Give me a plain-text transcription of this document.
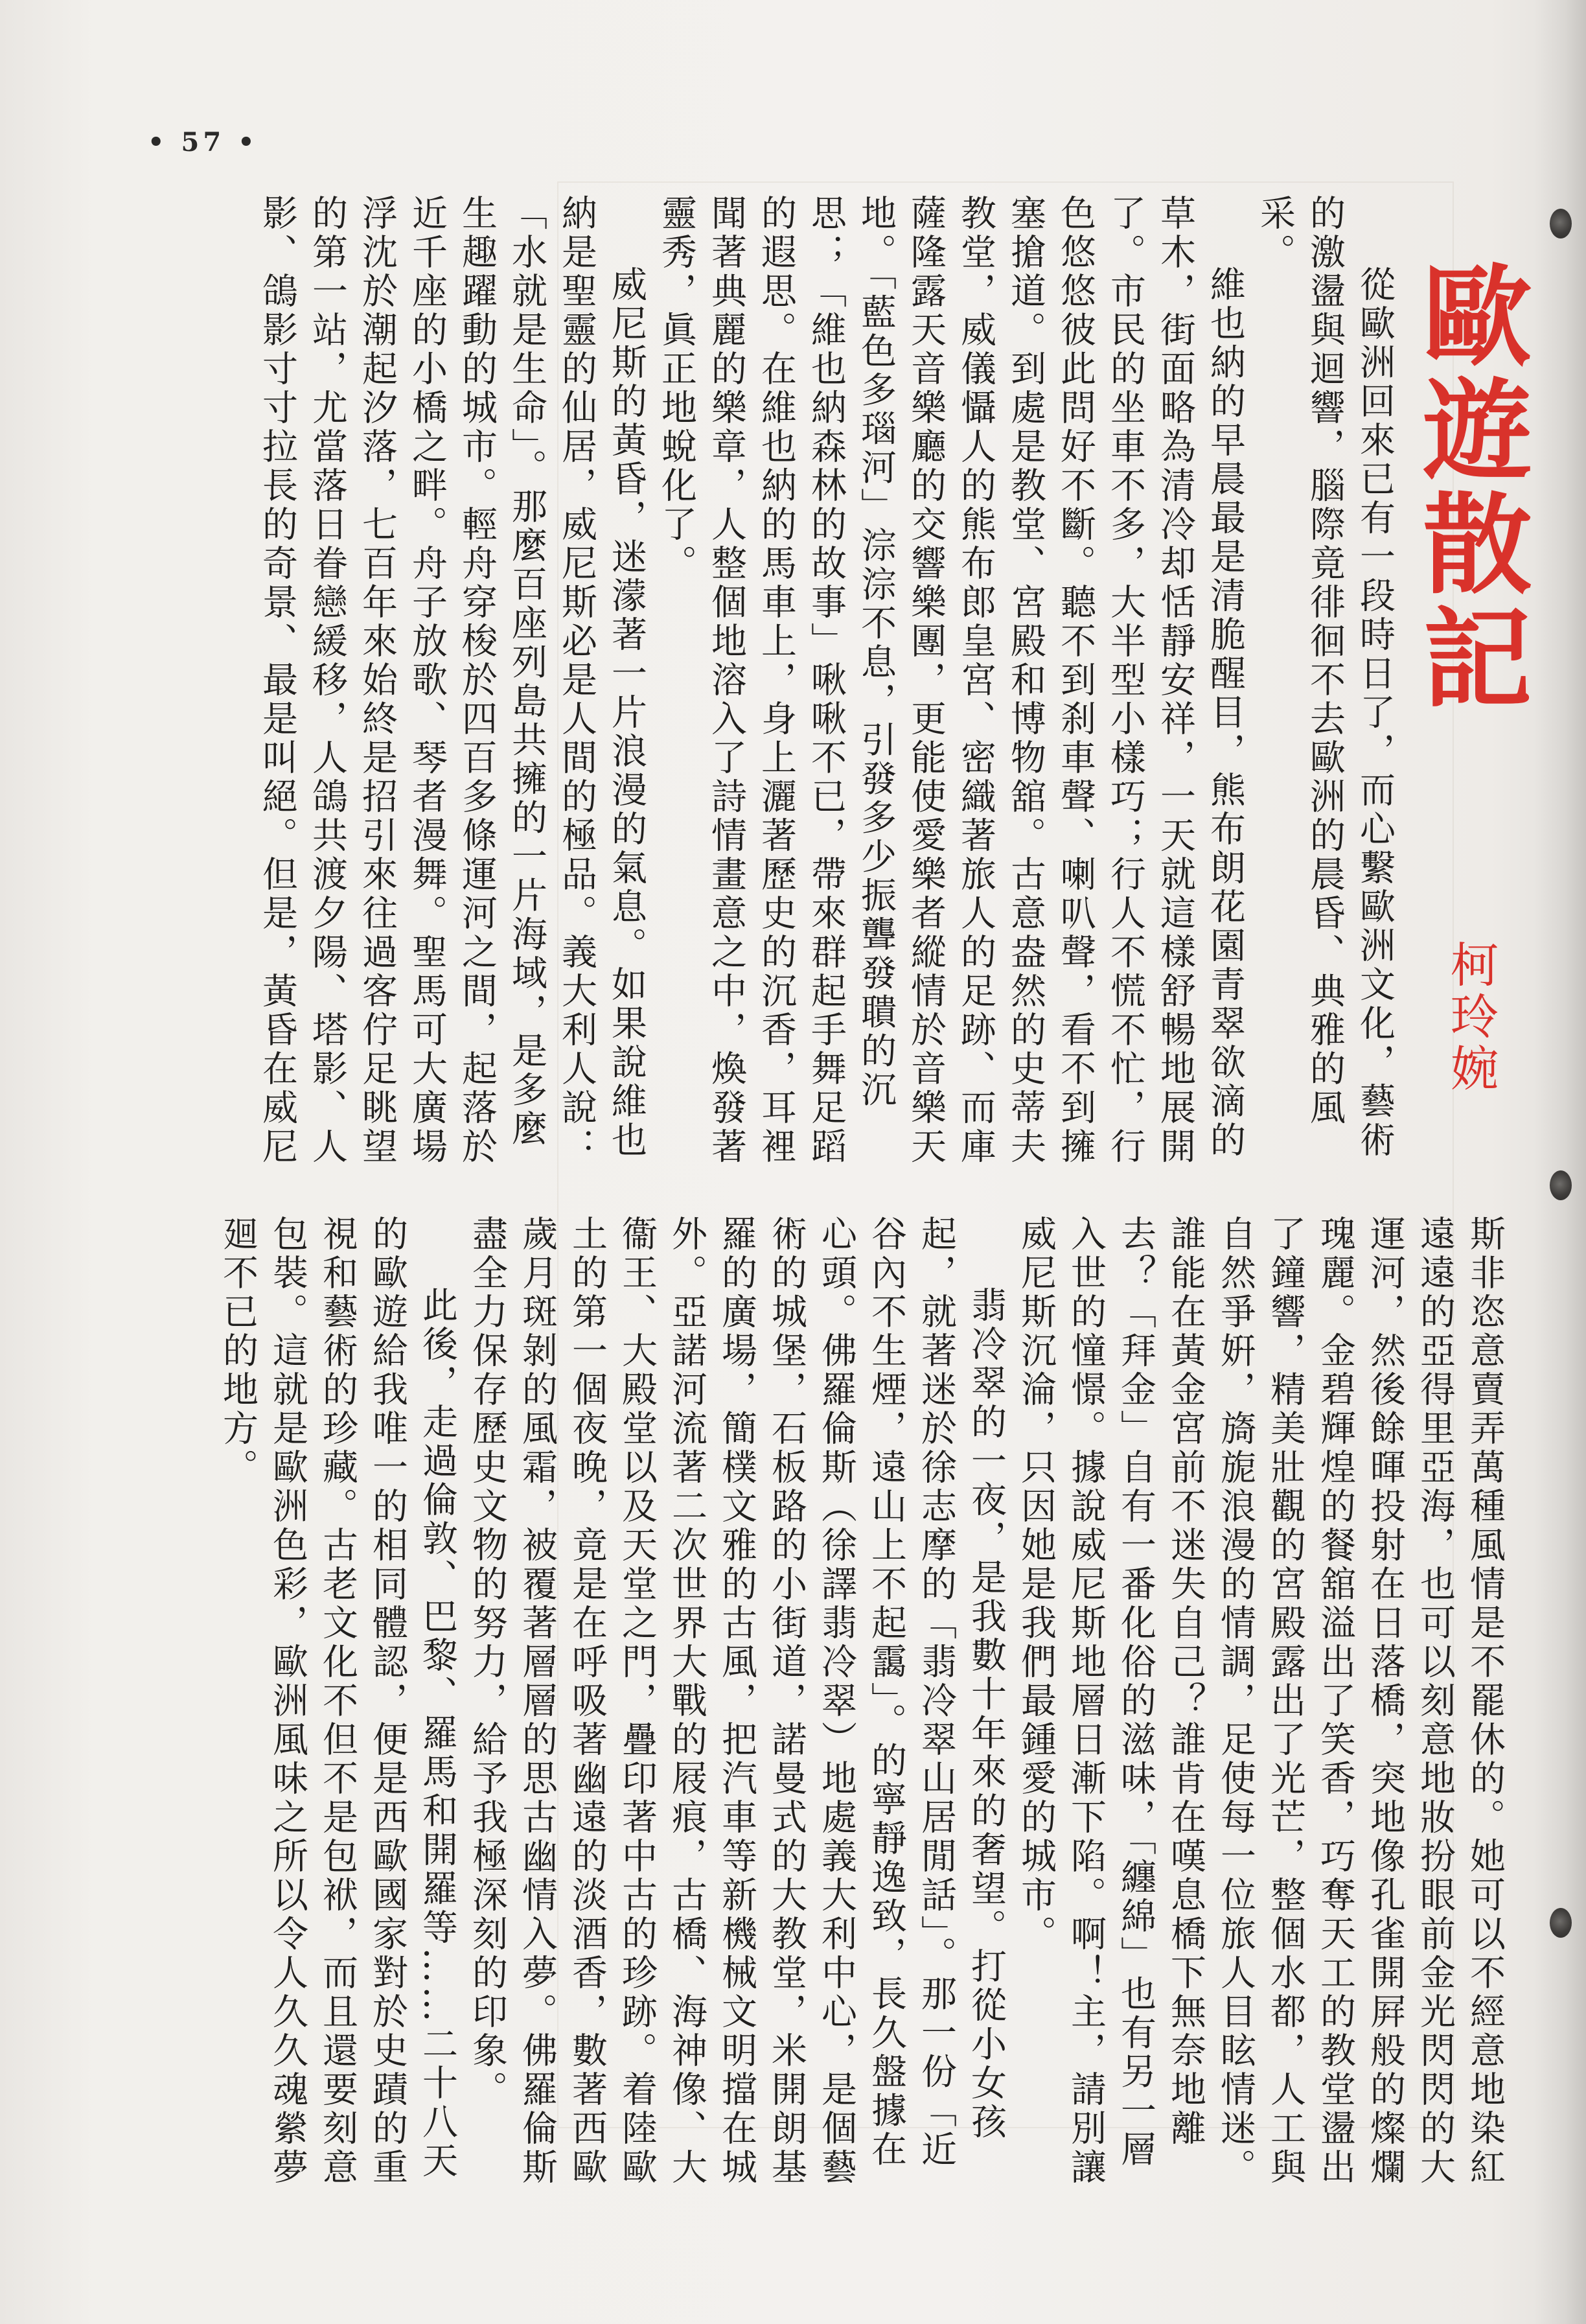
• 57 •
歐遊散記
柯玲婉

從歐洲回來已有一段時日了，而心繫歐洲文化，藝術的激盪與迴響，腦際竟徘徊不去歐洲的晨昏、典雅的風采。

維也納的早晨最是清脆醒目，熊布朗花園青翠欲滴的草木，街面略為清冷却恬靜安祥，一天就這樣舒暢地展開了。市民的坐車不多，大半型小樣巧；行人不慌不忙，行色悠悠彼此問好不斷。聽不到刹車聲、喇叭聲，看不到擁塞搶道。到處是教堂、宮殿和博物舘。古意盎然的史蒂夫教堂，威儀懾人的熊布郎皇宮、密織著旅人的足跡、而庫薩隆露天音樂廳的交響樂團，更能使愛樂者縱情於音樂天地。「藍色多瑙河」淙淙不息，引發多少振聾發聵的沉思；「維也納森林的故事」啾啾不已，帶來群起手舞足蹈的遐思。在維也納的馬車上，身上灑著歷史的沉香，耳裡聞著典麗的樂章，人整個地溶入了詩情畫意之中，煥發著靈秀，眞正地蛻化了。

威尼斯的黃昏，迷濛著一片浪漫的氣息。如果說維也納是聖靈的仙居，威尼斯必是人間的極品。義大利人說：「水就是生命」。那麼百座列島共擁的一片海域，是多麼生趣躍動的城市。輕舟穿梭於四百多條運河之間，起落於近千座的小橋之畔。舟子放歌、琴者漫舞。聖馬可大廣場浮沈於潮起汐落，七百年來始終是招引來往過客佇足眺望的第一站，尤當落日眷戀緩移，人鴿共渡夕陽、塔影、人影、鴿影寸寸拉長的奇景、最是叫絕。但是，黃昏在威尼

斯非恣意賣弄萬種風情是不罷休的。她可以不經意地染紅遠遠的亞得里亞海，也可以刻意地妝扮眼前金光閃閃的大運河，然後餘暉投射在日落橋，突地像孔雀開屛般的燦爛瑰麗。金碧輝煌的餐舘溢出了笑香，巧奪天工的教堂盪出了鐘響，精美壯觀的宮殿露出了光芒，整個水都，人工與自然爭姸，旖旎浪漫的情調，足使每一位旅人目眩情迷。誰能在黃金宮前不迷失自己？誰肯在嘆息橋下無奈地離去？「拜金」自有一番化俗的滋味，「纏綿」也有另一層入世的憧憬。據說威尼斯地層日漸下陷。啊！主，請別讓威尼斯沉淪，只因她是我們最鍾愛的城市。

翡冷翠的一夜，是我數十年來的奢望。打從小女孩起，就著迷於徐志摩的「翡冷翠山居閒話」。那一份「近谷內不生煙，遠山上不起靄」。的寧靜逸致，長久盤據在心頭。佛羅倫斯（徐譯翡冷翠）地處義大利中心，是個藝術的城堡，石板路的小街道，諾曼式的大教堂，米開朗基羅的廣場，簡樸文雅的古風，把汽車等新機械文明擋在城外。亞諾河流著二次世界大戰的屐痕，古橋、海神像、大衞王、大殿堂以及天堂之門，疊印著中古的珍跡。着陸歐土的第一個夜晚，竟是在呼吸著幽遠的淡酒香，數著西歐歲月斑剝的風霜，被覆著層層的思古幽情入夢。佛羅倫斯盡全力保存歷史文物的努力，給予我極深刻的印象。

此後，走過倫敦、巴黎、羅馬和開羅等……二十八天的歐遊給我唯一的相同體認，便是西歐國家對於史蹟的重視和藝術的珍藏。古老文化不但不是包袱，而且還要刻意包裝。這就是歐洲色彩，歐洲風味之所以令人久久魂縈夢廻不已的地方。
